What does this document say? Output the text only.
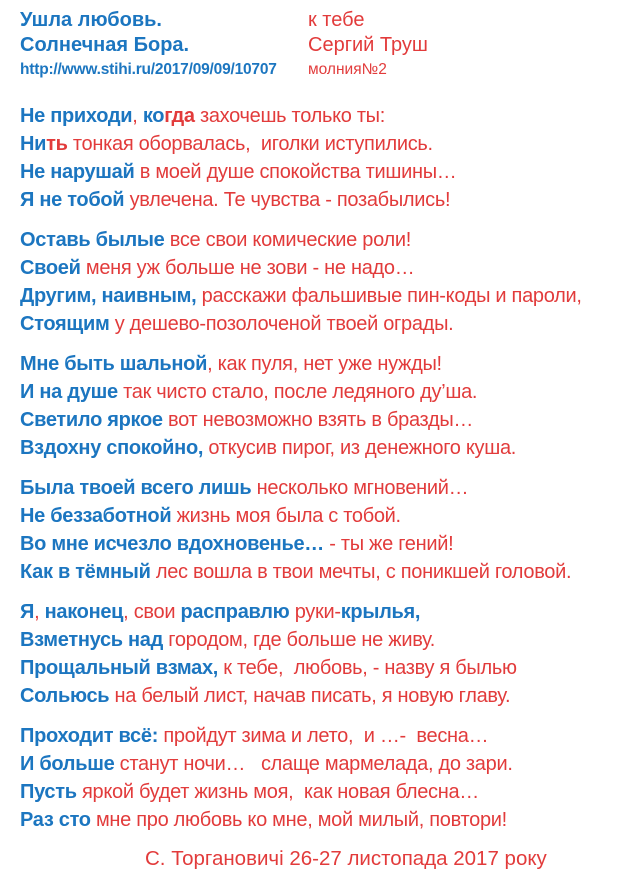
Ушла любовь.	к тебе
Солнечная Бора.	Сергий Труш
http://www.stihi.ru/2017/09/09/10707	молния№2
Не приходи, когда захочешь только ты:
Нить тонкая оборвалась,  иголки иступились.
Не нарушай в моей душе спокойства тишины…
Я не тобой увлечена. Те чувства - позабылись!
Оставь былые все свои комические роли!
Своей меня уж больше не зови - не надо…
Другим, наивным, расскажи фальшивые пин-коды и пароли,
Стоящим у дешево-позолоченой твоей ограды.
Мне быть шальной, как пуля, нет уже нужды!
И на душе так чисто стало, после ледяного ду’ша.
Светило яркое вот невозможно взять в бразды…
Вздохну спокойно, откусив пирог, из денежного куша.
Была твоей всего лишь несколько мгновений…
Не беззаботной жизнь моя была с тобой.
Во мне исчезло вдохновенье… - ты же гений!
Как в тёмный лес вошла в твои мечты, с поникшей головой.
Я, наконец, свои расправлю руки-крылья,
Взметнусь над городом, где больше не живу.
Прощальный взмах, к тебе,  любовь, - назву я былью
Сольюсь на белый лист, начав писать, я новую главу.
Проходит всё: пройдут зима и лето,  и …-  весна…
И больше станут ночи…   слаще мармелада, до зари.
Пусть яркой будет жизнь моя,  как новая блесна…
Раз сто мне про любовь ко мне, мой милый, повтори!
С. Торгановичі 26-27 листопада 2017 року
